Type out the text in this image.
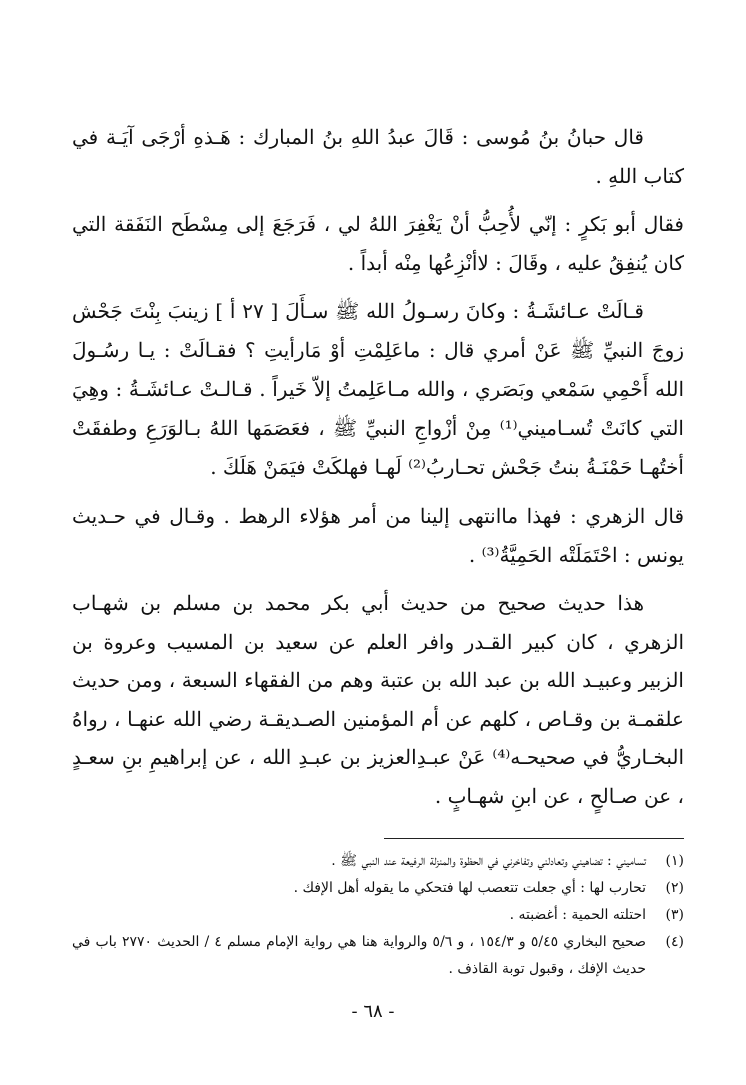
قال حبانُ بنُ مُوسى : قَالَ عبدُ اللهِ بنُ المبارك : هَـذهِ أرْجَى آيَـة في كتاب اللهِ .

فقال أبو بَكرٍ : إنّي لأُحِبُّ أنْ يَغْفِرَ اللهُ لي ، فَرَجَعَ إلى مِسْطَح النَفَقة التي كان يُنفِقُ عليه ، وقَالَ : لاأنْزِعُها مِنْه أبداً .

قـالَتْ عـائشَـةُ : وكانَ رسـولُ الله ﷺ سـأَلَ [ ٢٧ أ ] زينبَ بِنْتَ جَحْش زوجَ النبيِّ ﷺ عَنْ أمري قال : ماعَلِمْتِ أوْ مَارأيتِ ؟ فقـالَتْ : يـا رسُـولَ الله أَحْمِي سَمْعي وبَصَري ، والله مـاعَلِمتُ إلاّ خَيراً . قـالـتْ عـائشَـةُ : وهِيَ التي كانَتْ تُسـاميني⁽¹⁾ مِنْ أزْواجِ النبيِّ ﷺ ، فعَصَمَها اللهُ بـالوَرَعِ وطفقَتْ أختُهـا حَمْنَـةُ بنتُ جَحْش تحـاربُ⁽²⁾ لَهـا فهلكَتْ فيَمَنْ هَلَكَ .

قال الزهري : فهذا ماانتهى إلينا من أمر هؤلاء الرهط . وقـال في حـديث يونس : احْتَمَلَتْه الحَمِيَّةُ⁽³⁾ .

هذا حديث صحيح من حديث أبي بكر محمد بن مسلم بن شهـاب الزهري ، كان كبير القـدر وافر العلم عن سعيد بن المسيب وعروة بن الزبير وعبيـد الله بن عبد الله بن عتبة وهم من الفقهاء السبعة ، ومن حديث علقمـة بن وقـاص ، كلهم عن أم المؤمنين الصـديقـة رضي الله عنهـا ، رواهُ البخـاريُّ في صحيحـه⁽⁴⁾ عَنْ عبـدِالعزيز بن عبـدِ الله ، عن إبراهيمِ بنِ سعـدٍ ، عن صـالحٍ ، عن ابنِ شهـابٍ .

(١)
تساميني : تضاهيني وتعادلني وتفاخرني في الحظوة والمنزلة الرفيعة عند النبي ﷺ .
(٢)
تحارب لها : أي جعلت تتعصب لها فتحكي ما يقوله أهل الإفك .
(٣)
احتلته الحمية : أغضبته .
(٤)
صحيح البخاري ٥/٤٥ و ١٥٤/٣ ، و ٥/٦ والرواية هنا هي رواية الإمام مسلم ٤ / الحديث ٢٧٧٠ باب في حديث الإفك ، وقبول توبة القاذف .
- ٦٨ -
